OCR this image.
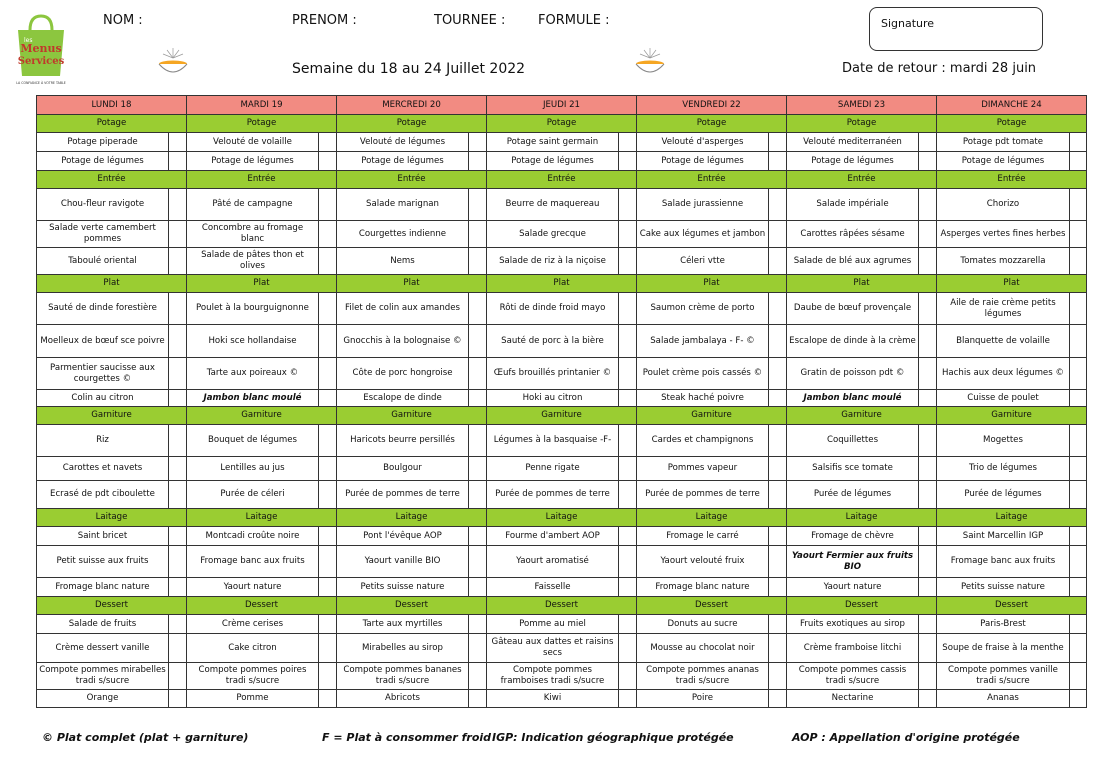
les
Menus
Services
LA CONFIANCE À VOTRE TABLE
NOM :	PRENOM :	TOURNEE :	FORMULE :	Signature
Semaine du 18 au 24 Juillet 2022	Date de retour : mardi 28 juin
LUNDI 18		MARDI 19		MERCREDI 20		JEUDI 21		VENDREDI 22		SAMEDI 23		DIMANCHE 24	
Potage		Potage		Potage		Potage		Potage		Potage		Potage	
Potage piperade		Velouté de volaille		Velouté de légumes		Potage saint germain		Velouté d'asperges		Velouté mediterranéen		Potage pdt tomate	
Potage de légumes		Potage de légumes		Potage de légumes		Potage de légumes		Potage de légumes		Potage de légumes		Potage de légumes	
Entrée		Entrée		Entrée		Entrée		Entrée		Entrée		Entrée	
Chou-fleur ravigote		Pâté de campagne		Salade marignan		Beurre de maquereau		Salade jurassienne		Salade impériale		Chorizo	
Salade verte camembert pommes		Concombre au fromage blanc		Courgettes indienne		Salade grecque		Cake aux légumes et jambon		Carottes râpées sésame		Asperges vertes fines herbes	
Taboulé oriental		Salade de pâtes thon et olives		Nems		Salade de riz à la niçoise		Céleri vtte		Salade de blé aux agrumes		Tomates mozzarella	
Plat		Plat		Plat		Plat		Plat		Plat		Plat	
Sauté de dinde forestière		Poulet à la bourguignonne		Filet de colin aux amandes		Rôti de dinde froid mayo		Saumon crème de porto		Daube de bœuf provençale		Aile de raie crème petits légumes	
Moelleux de bœuf sce poivre		Hoki sce hollandaise		Gnocchis à la bolognaise ©		Sauté de porc à la bière		Salade jambalaya - F- ©		Escalope de dinde à la crème		Blanquette de volaille	
Parmentier saucisse aux courgettes ©		Tarte aux poireaux ©		Côte de porc hongroise		Œufs brouillés printanier ©		Poulet crème pois cassés ©		Gratin de poisson pdt ©		Hachis aux deux légumes ©	
Colin au citron		Jambon blanc moulé		Escalope de dinde		Hoki au citron		Steak haché poivre		Jambon blanc moulé		Cuisse de poulet	
Garniture		Garniture		Garniture		Garniture		Garniture		Garniture		Garniture	
Riz		Bouquet de légumes		Haricots beurre persillés		Légumes à la basquaise -F-		Cardes et champignons		Coquillettes		Mogettes	
Carottes et navets		Lentilles au jus		Boulgour		Penne rigate		Pommes vapeur		Salsifis sce tomate		Trio de légumes	
Ecrasé de pdt ciboulette		Purée de céleri		Purée de pommes de terre		Purée de pommes de terre		Purée de pommes de terre		Purée de légumes		Purée de légumes	
Laitage		Laitage		Laitage		Laitage		Laitage		Laitage		Laitage	
Saint bricet		Montcadi croûte noire		Pont l'évêque AOP		Fourme d'ambert AOP		Fromage le carré		Fromage de chèvre		Saint Marcellin IGP	
Petit suisse aux fruits		Fromage banc aux fruits		Yaourt vanille BIO		Yaourt aromatisé		Yaourt velouté fruix		Yaourt Fermier aux fruits BIO		Fromage banc aux fruits	
Fromage blanc nature		Yaourt nature		Petits suisse nature		Faisselle		Fromage blanc nature		Yaourt nature		Petits suisse nature	
Dessert		Dessert		Dessert		Dessert		Dessert		Dessert		Dessert	
Salade de fruits		Crème cerises		Tarte aux myrtilles		Pomme au miel		Donuts au sucre		Fruits exotiques au sirop		Paris-Brest	
Crème dessert vanille		Cake citron		Mirabelles au sirop		Gâteau aux dattes et raisins secs		Mousse au chocolat noir		Crème framboise litchi		Soupe de fraise à la menthe	
Compote pommes mirabelles tradi s/sucre		Compote pommes poires tradi s/sucre		Compote pommes bananes tradi s/sucre		Compote pommes framboises tradi s/sucre		Compote pommes ananas tradi s/sucre		Compote pommes cassis tradi s/sucre		Compote pommes vanille tradi s/sucre	
Orange		Pomme		Abricots		Kiwi		Poire		Nectarine		Ananas	
© Plat complet (plat + garniture)	F = Plat à consommer froid IGP: Indication géographique protégée	AOP : Appellation d'origine protégée
